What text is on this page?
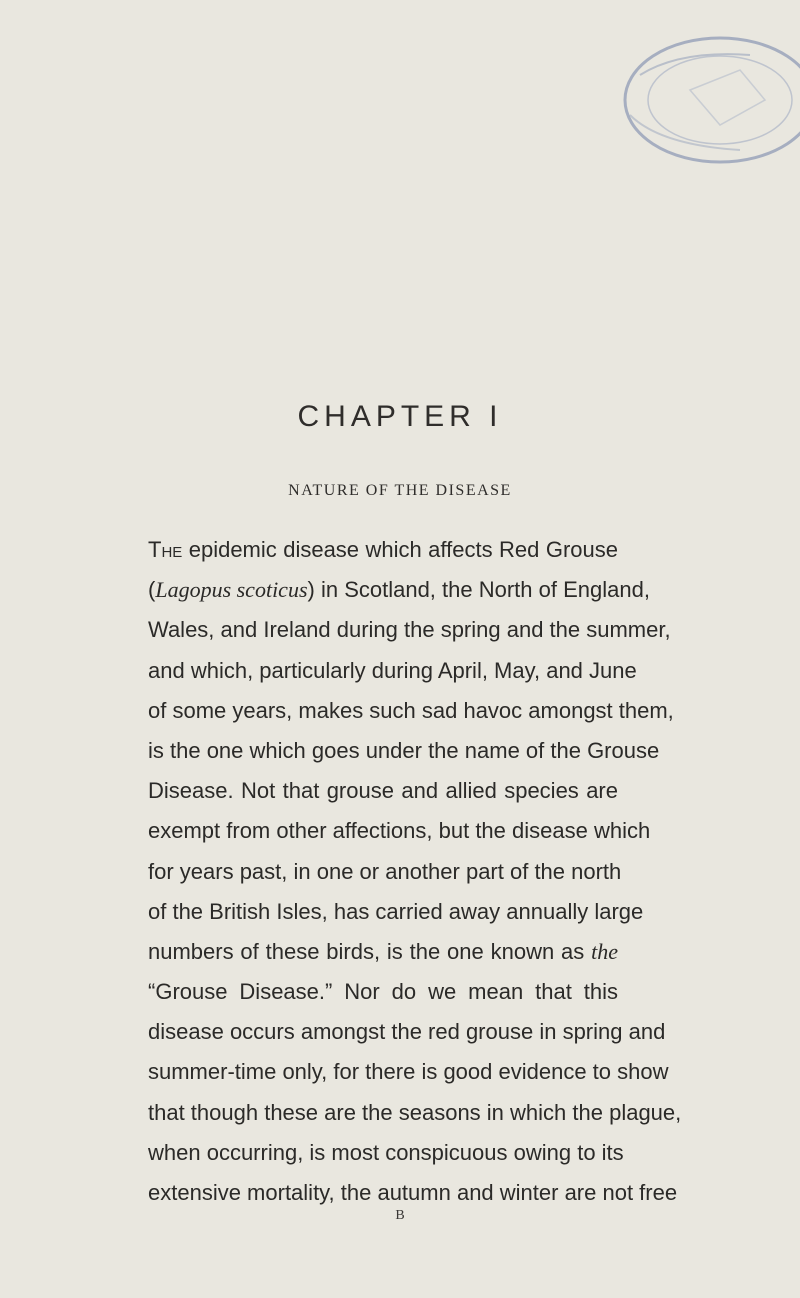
CHAPTER I
NATURE OF THE DISEASE
The epidemic disease which affects Red Grouse
(Lagopus scoticus) in Scotland, the North of England,
Wales, and Ireland during the spring and the summer,
and which, particularly during April, May, and June
of some years, makes such sad havoc amongst them,
is the one which goes under the name of the Grouse
Disease. Not that grouse and allied species are
exempt from other affections, but the disease which
for years past, in one or another part of the north
of the British Isles, has carried away annually large
numbers of these birds, is the one known as the
“Grouse Disease.” Nor do we mean that this
disease occurs amongst the red grouse in spring and
summer-time only, for there is good evidence to show
that though these are the seasons in which the plague,
when occurring, is most conspicuous owing to its
extensive mortality, the autumn and winter are not free
B
